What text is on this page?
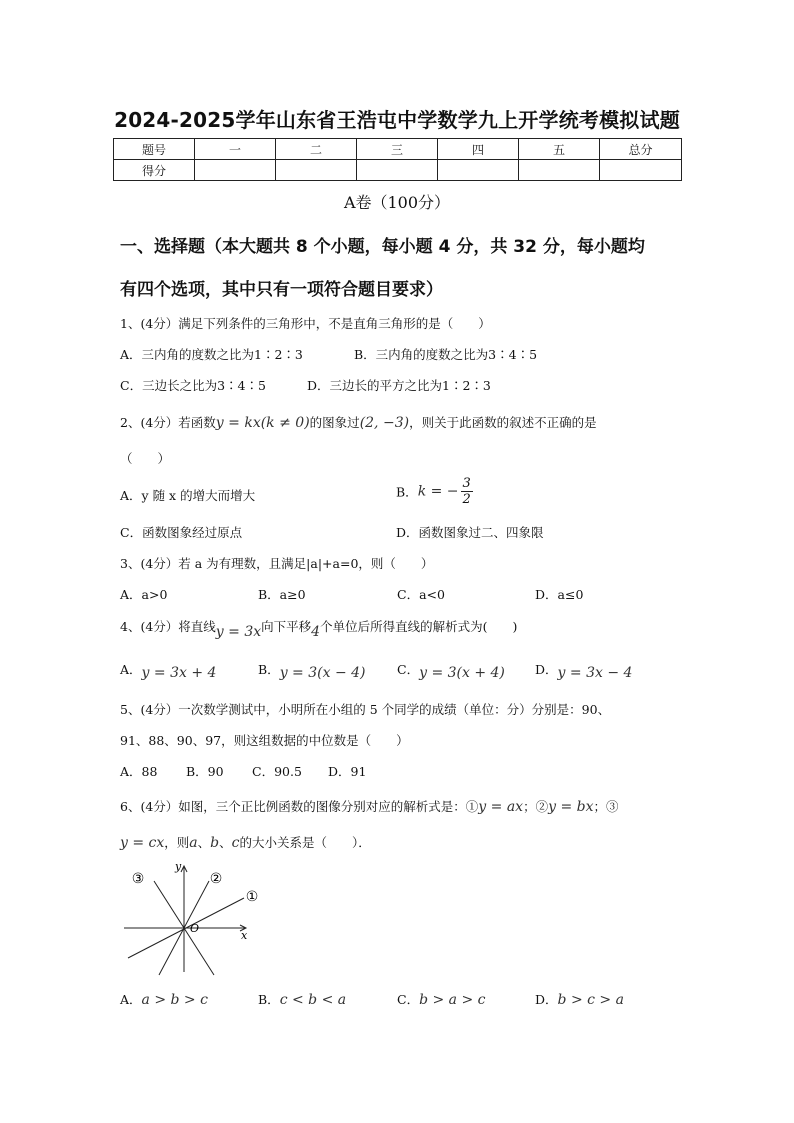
2024-2025学年山东省王浩屯中学数学九上开学统考模拟试题
题号	一	二	三	四	五	总分
得分						
A卷（100分）
一、选择题（本大题共 8 个小题，每小题 4 分，共 32 分，每小题均
有四个选项，其中只有一项符合题目要求）
1、(4分）满足下列条件的三角形中，不是直角三角形的是（　　）
A．三内角的度数之比为1∶2∶3	B．三内角的度数之比为3∶4∶5
C．三边长之比为3∶4∶5	D．三边长的平方之比为1∶2∶3
2、(4分）若函数y = kx(k ≠ 0)的图象过(2, −3)，则关于此函数的叙述不正确的是
（　　）
A．y 随 x 的增大而增大	B．k = − $\frac{3}{2}$
C．函数图象经过原点	D．函数图象过二、四象限
3、(4分）若 a 为有理数，且满足|a|+a=0，则（　　）
A．a>0	B．a≥0	C．a<0	D．a≤0
4、(4分）将直线y = 3x向下平移4个单位后所得直线的解析式为(　　)
A．y = 3x + 4	B．y = 3(x − 4)	C．y = 3(x + 4) D．y = 3x − 4
5、(4分）一次数学测试中，小明所在小组的 5 个同学的成绩（单位：分）分别是：90、
91、88、90、97，则这组数据的中位数是（　　）
A．88 B．90 C．90.5 D．91
6、(4分）如图，三个正比例函数的图像分别对应的解析式是：①y = ax；②y = bx；③
y = cx，则a、b、c的大小关系是（　　）．
③	②
①
y
x
O
A．a > b > c	B．c < b < a	C．b > a > c	D．b > c > a
